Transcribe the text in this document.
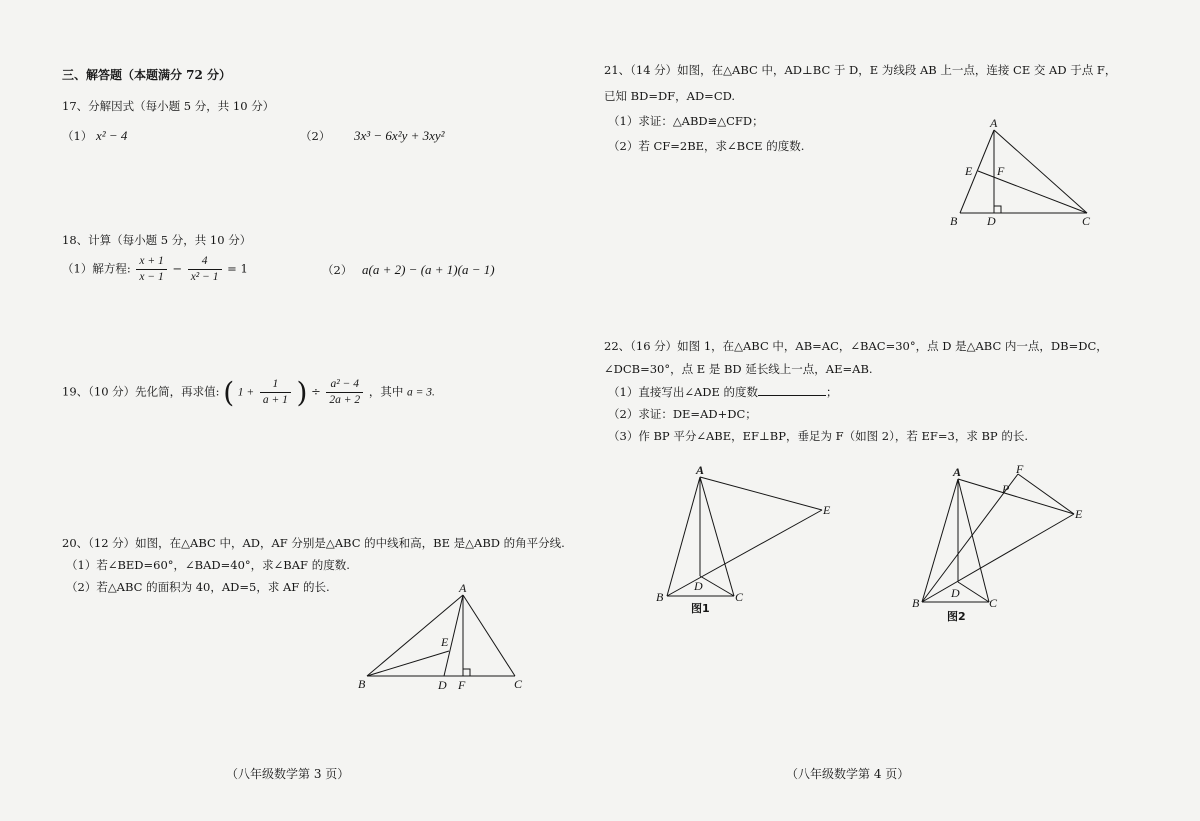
三、解答题（本题满分 72 分）
17、分解因式（每小题 5 分，共 10 分）
（1） x² − 4	（2） 3x³ − 6x²y + 3xy²
18、计算（每小题 5 分，共 10 分）
（1）解方程: $\frac{x + 1}{x - 1} - \frac{4}{\text{x² − 1}} = 1$	（2） a(a + 2) − (a + 1)(a − 1)
19、（10 分）先化简，再求值: ( $1 + \frac{1}{a + 1}$ ) ÷ $\frac{\text{a² − 4}}{2a + 2}$ ，其中 a = 3.
20、（12 分）如图，在△ABC 中，AD，AF 分别是△ABC 的中线和高，BE 是△ABD 的角平分线.
（1）若∠BED=60°，∠BAD=40°，求∠BAF 的度数.
（2）若△ABC 的面积为 40，AD=5，求 AF 的长.	A
B	C
D
E
F
（八年级数学第 3 页）
21、（14 分）如图，在△ABC 中，AD⊥BC 于 D，E 为线段 AB 上一点，连接 CE 交 AD 于点 F，
已知 BD=DF，AD=CD.
（1）求证：△ABD≌△CFD；
（2）若 CF=2BE，求∠BCE 的度数.
A
B	C
D
E F
22、（16 分）如图 1，在△ABC 中，AB=AC，∠BAC=30°，点 D 是△ABC 内一点，DB=DC，
∠DCB=30°，点 E 是 BD 延长线上一点，AE=AB.
（1）直接写出∠ADE 的度数	；
（2）求证：DE=AD+DC；
（3）作 BP 平分∠ABE，EF⊥BP，垂足为 F（如图 2），若 EF=3，求 BP 的长.
A
B	C
D
E
图1
A
B	C
D
E
F
P
图2
（八年级数学第 4 页）
